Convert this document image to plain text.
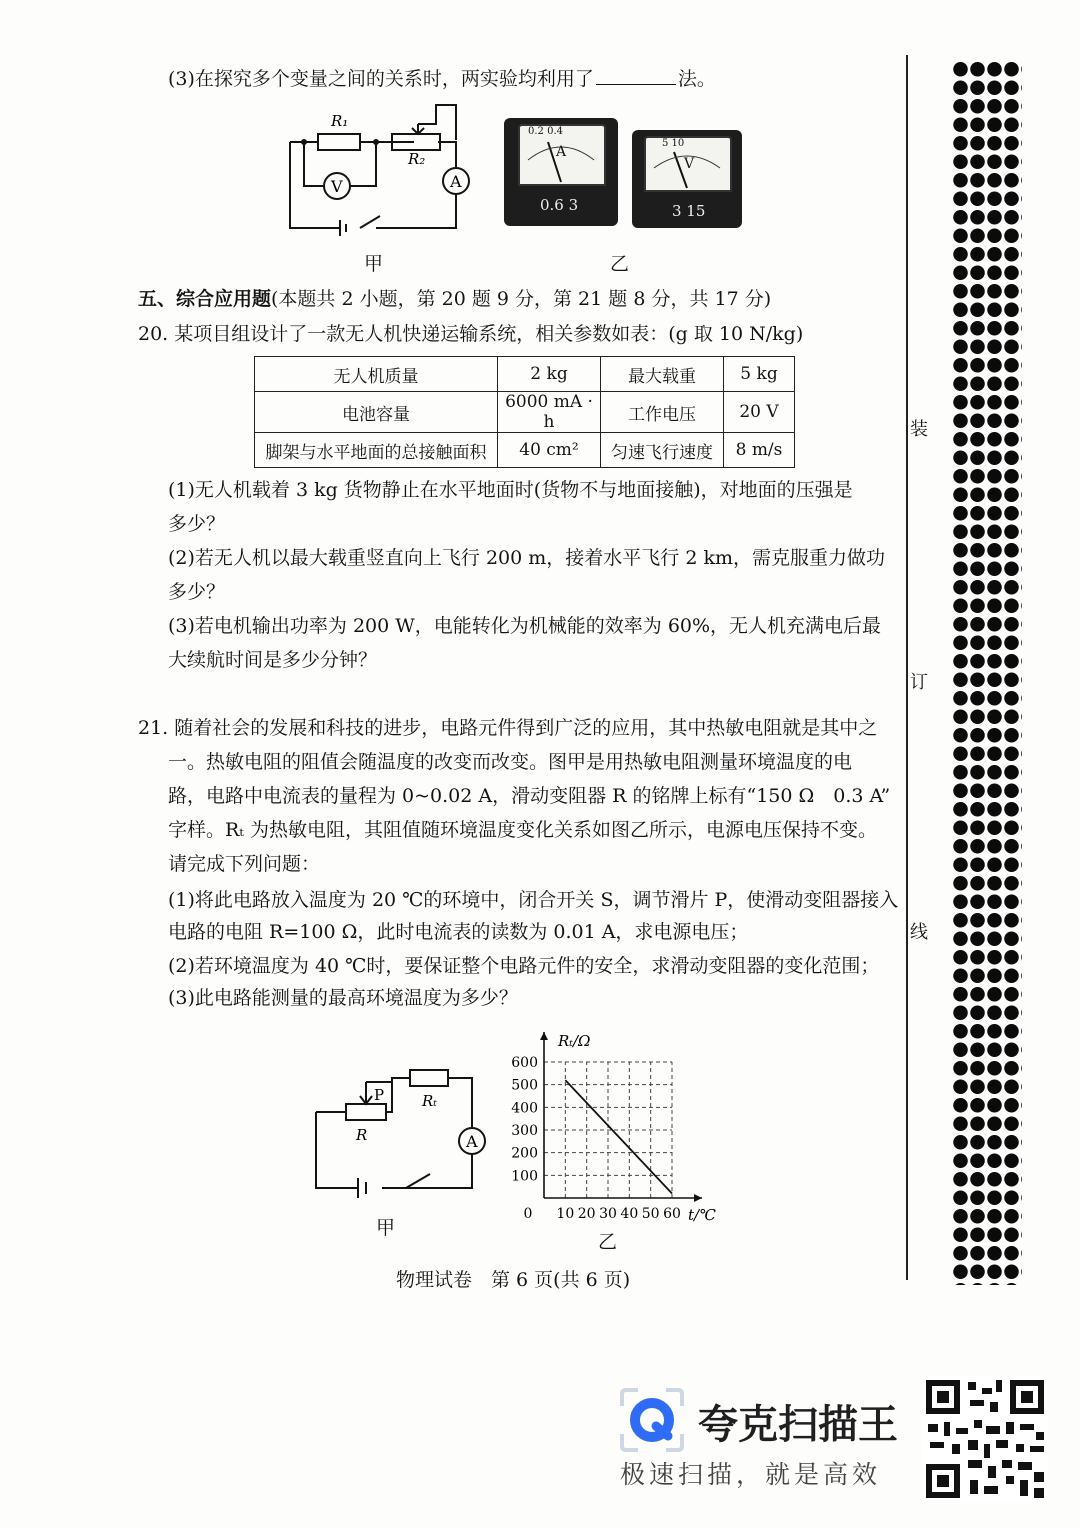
(3)在探究多个变量之间的关系时，两实验均利用了	法。
R₁
R₂
V	A
甲
0.2 0.4
A
0.6 3
5 10
V
3 15
乙
五、综合应用题(本题共 2 小题，第 20 题 9 分，第 21 题 8 分，共 17 分)
20. 某项目组设计了一款无人机快递运输系统，相关参数如表：(g 取 10 N/kg)
无人机质量	2 kg	最大载重	5 kg
电池容量	6000 mA · h	工作电压	20 V
脚架与水平地面的总接触面积	40 cm²	匀速飞行速度	8 m/s
(1)无人机载着 3 kg 货物静止在水平地面时(货物不与地面接触)，对地面的压强是
多少？
(2)若无人机以最大载重竖直向上飞行 200 m，接着水平飞行 2 km，需克服重力做功
多少？
(3)若电机输出功率为 200 W，电能转化为机械能的效率为 60%，无人机充满电后最
大续航时间是多少分钟？
21. 随着社会的发展和科技的进步，电路元件得到广泛的应用，其中热敏电阻就是其中之
一。热敏电阻的阻值会随温度的改变而改变。图甲是用热敏电阻测量环境温度的电
路，电路中电流表的量程为 0~0.02 A，滑动变阻器 R 的铭牌上标有“150 Ω　0.3 A”
字样。Rₜ 为热敏电阻，其阻值随环境温度变化关系如图乙所示，电源电压保持不变。
请完成下列问题：
(1)将此电路放入温度为 20 ℃的环境中，闭合开关 S，调节滑片 P，使滑动变阻器接入
电路的电阻 R=100 Ω，此时电流表的读数为 0.01 A，求电源电压；
(2)若环境温度为 40 ℃时，要保证整个电路元件的安全，求滑动变阻器的变化范围；
(3)此电路能测量的最高环境温度为多少？
P
R
Rₜ
A
甲
0 10 20 30 40 50 60
100
200
300
400
500
600
Rₜ/Ω
t/℃
乙
物理试卷　第 6 页(共 6 页)
装
订
线
夸克扫描王
极速扫描，就是高效
